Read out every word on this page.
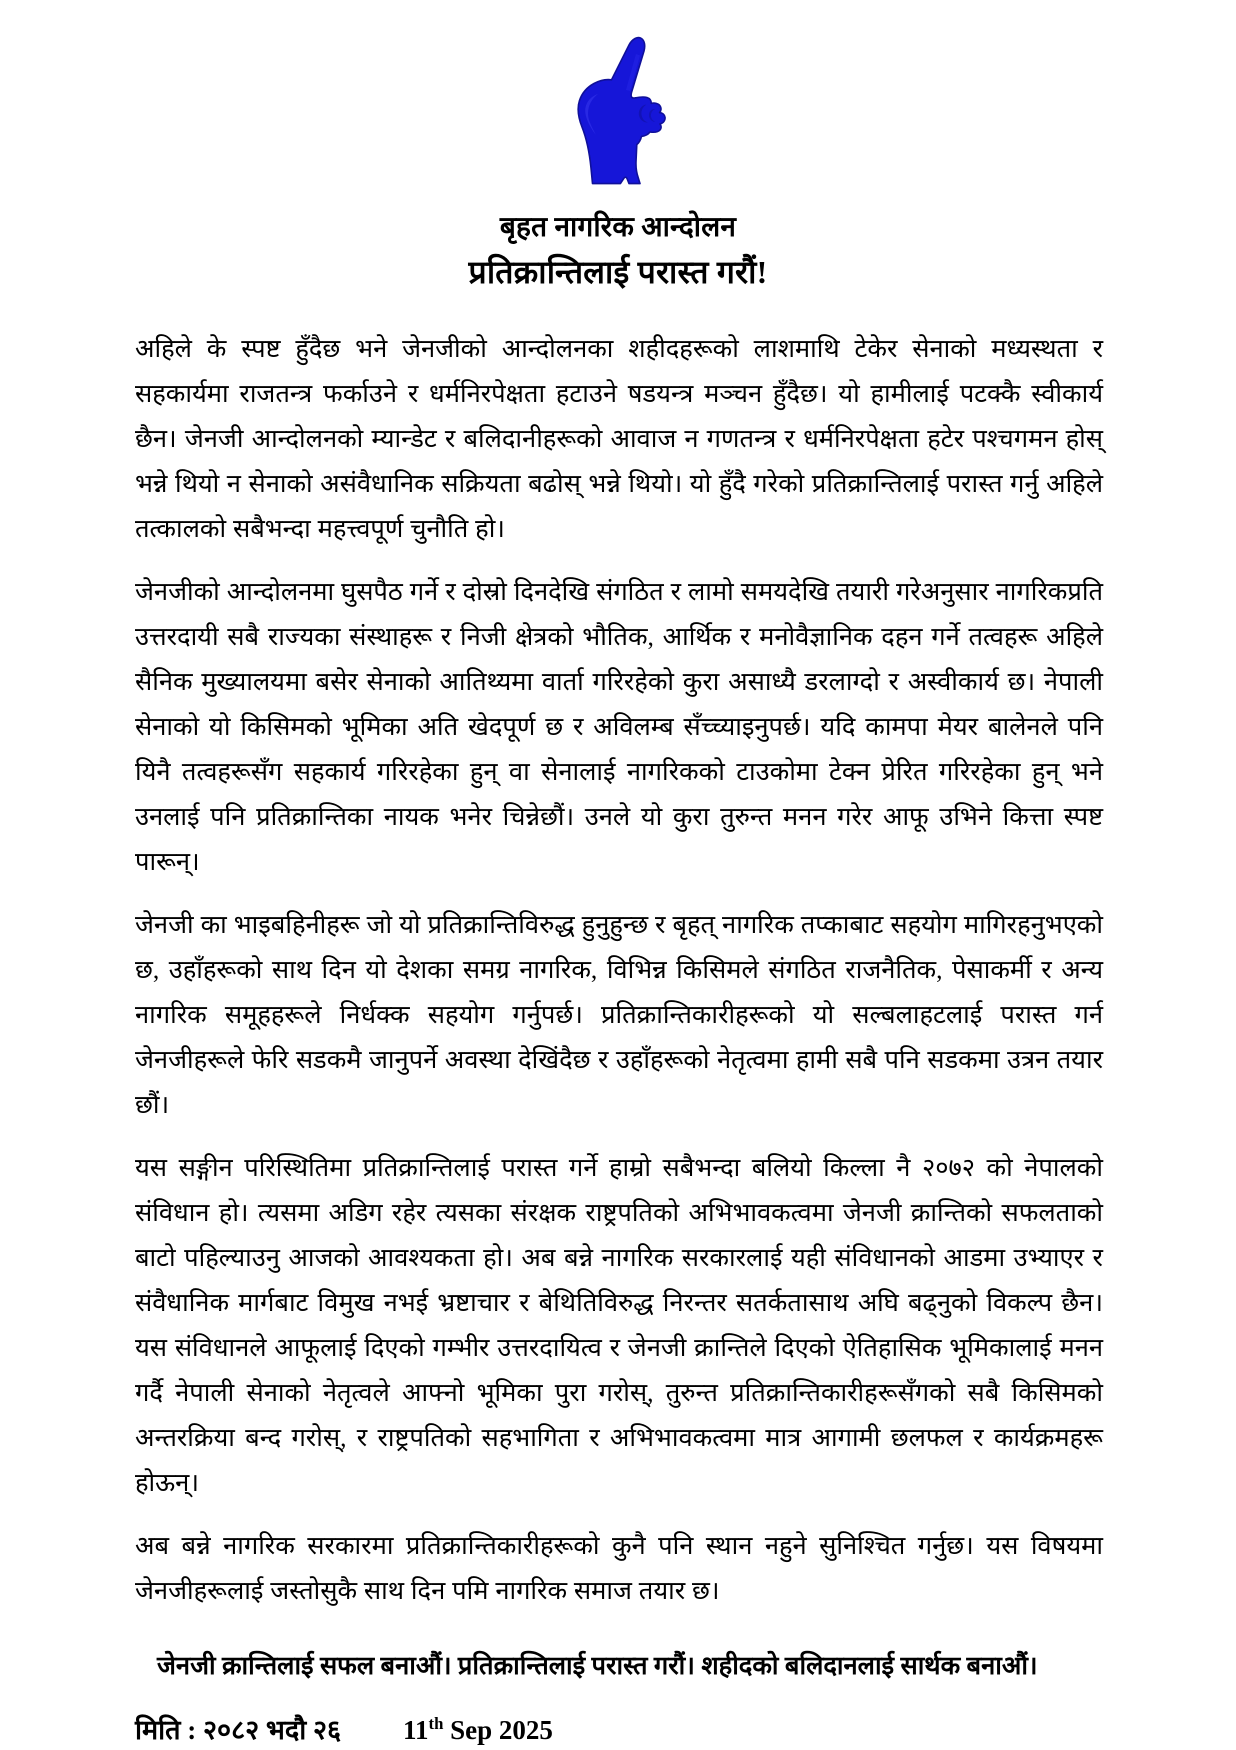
बृहत नागरिक आन्दोलन
प्रतिक्रान्तिलाई परास्त गरौं!

अहिले के स्पष्ट हुँदैछ भने जेनजीको आन्दोलनका शहीदहरूको लाशमाथि टेकेर सेनाको मध्यस्थता र सहकार्यमा राजतन्त्र फर्काउने र धर्मनिरपेक्षता हटाउने षडयन्त्र मञ्चन हुँदैछ। यो हामीलाई पटक्कै स्वीकार्य छैन। जेनजी आन्दोलनको म्यान्डेट र बलिदानीहरूको आवाज न गणतन्त्र र धर्मनिरपेक्षता हटेर पश्चगमन होस् भन्ने थियो न सेनाको असंवैधानिक सक्रियता बढोस् भन्ने थियो। यो हुँदै गरेको प्रतिक्रान्तिलाई परास्त गर्नु अहिले तत्कालको सबैभन्दा महत्त्वपूर्ण चुनौति हो।

जेनजीको आन्दोलनमा घुसपैठ गर्ने र दोस्रो दिनदेखि संगठित र लामो समयदेखि तयारी गरेअनुसार नागरिकप्रति उत्तरदायी सबै राज्यका संस्थाहरू र निजी क्षेत्रको भौतिक, आर्थिक र मनोवैज्ञानिक दहन गर्ने तत्वहरू अहिले सैनिक मुख्यालयमा बसेर सेनाको आतिथ्यमा वार्ता गरिरहेको कुरा असाध्यै डरलाग्दो र अस्वीकार्य छ। नेपाली सेनाको यो किसिमको भूमिका अति खेदपूर्ण छ र अविलम्ब सँच्च्याइनुपर्छ। यदि कामपा मेयर बालेनले पनि यिनै तत्वहरूसँग सहकार्य गरिरहेका हुन् वा सेनालाई नागरिकको टाउकोमा टेक्न प्रेरित गरिरहेका हुन् भने उनलाई पनि प्रतिक्रान्तिका नायक भनेर चिन्नेछौं। उनले यो कुरा तुरुन्त मनन गरेर आफू उभिने कित्ता स्पष्ट पारून्।

जेनजी का भाइबहिनीहरू जो यो प्रतिक्रान्तिविरुद्ध हुनुहुन्छ र बृहत् नागरिक तप्काबाट सहयोग मागिरहनुभएको छ, उहाँहरूको साथ दिन यो देशका समग्र नागरिक, विभिन्न किसिमले संगठित राजनैतिक, पेसाकर्मी र अन्य नागरिक समूहहरूले निर्धक्क सहयोग गर्नुपर्छ। प्रतिक्रान्तिकारीहरूको यो सल्बलाहटलाई परास्त गर्न जेनजीहरूले फेरि सडकमै जानुपर्ने अवस्था देखिंदैछ र उहाँहरूको नेतृत्वमा हामी सबै पनि सडकमा उत्रन तयार छौं।

यस सङ्गीन परिस्थितिमा प्रतिक्रान्तिलाई परास्त गर्ने हाम्रो सबैभन्दा बलियो किल्ला नै २०७२ को नेपालको संविधान हो। त्यसमा अडिग रहेर त्यसका संरक्षक राष्ट्रपतिको अभिभावकत्वमा जेनजी क्रान्तिको सफलताको बाटो पहिल्याउनु आजको आवश्यकता हो। अब बन्ने नागरिक सरकारलाई यही संविधानको आडमा उभ्याएर र संवैधानिक मार्गबाट विमुख नभई भ्रष्टाचार र बेथितिविरुद्ध निरन्तर सतर्कतासाथ अघि बढ्नुको विकल्प छैन। यस संविधानले आफूलाई दिएको गम्भीर उत्तरदायित्व र जेनजी क्रान्तिले दिएको ऐतिहासिक भूमिकालाई मनन गर्दै नेपाली सेनाको नेतृत्वले आफ्नो भूमिका पुरा गरोस्, तुरुन्त प्रतिक्रान्तिकारीहरूसँगको सबै किसिमको अन्तरक्रिया बन्द गरोस्, र राष्ट्रपतिको सहभागिता र अभिभावकत्वमा मात्र आगामी छलफल र कार्यक्रमहरू होऊन्।

अब बन्ने नागरिक सरकारमा प्रतिक्रान्तिकारीहरूको कुनै पनि स्थान नहुने सुनिश्चित गर्नुछ। यस विषयमा जेनजीहरूलाई जस्तोसुकै साथ दिन पमि नागरिक समाज तयार छ।

जेनजी क्रान्तिलाई सफल बनाऔं। प्रतिक्रान्तिलाई परास्त गरौं। शहीदको बलिदानलाई सार्थक बनाऔं।
मिति : २०८२ भदौ २६	11th Sep 2025
